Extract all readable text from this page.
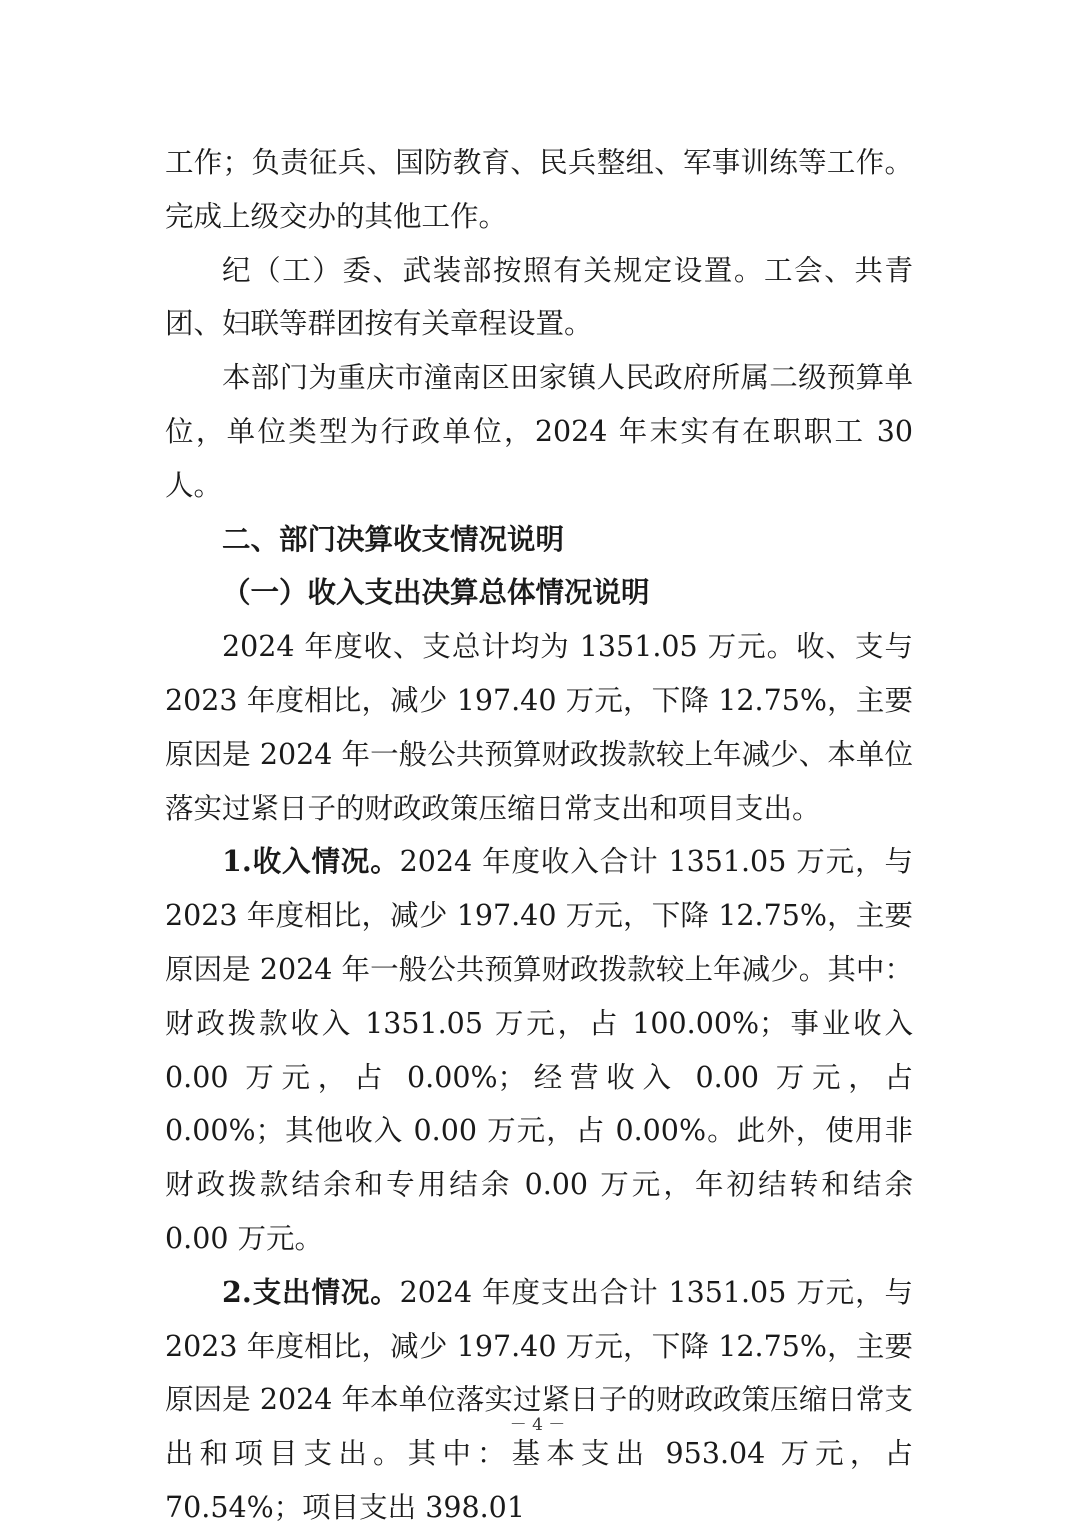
工作；负责征兵、国防教育、民兵整组、军事训练等工作。完成上级交办的其他工作。

纪（工）委、武装部按照有关规定设置。工会、共青团、妇联等群团按有关章程设置。

本部门为重庆市潼南区田家镇人民政府所属二级预算单位，单位类型为行政单位，2024 年末实有在职职工 30 人。

二、部门决算收支情况说明

（一）收入支出决算总体情况说明

2024 年度收、支总计均为 1351.05 万元。收、支与 2023 年度相比，减少 197.40 万元，下降 12.75%，主要原因是 2024 年一般公共预算财政拨款较上年减少、本单位落实过紧日子的财政政策压缩日常支出和项目支出。

1.收入情况。2024 年度收入合计 1351.05 万元，与 2023 年度相比，减少 197.40 万元，下降 12.75%，主要原因是 2024 年一般公共预算财政拨款较上年减少。其中：财政拨款收入 1351.05 万元，占 100.00%；事业收入 0.00 万元，占 0.00%；经营收入 0.00 万元，占 0.00%；其他收入 0.00 万元，占 0.00%。此外，使用非财政拨款结余和专用结余 0.00 万元，年初结转和结余 0.00 万元。

2.支出情况。2024 年度支出合计 1351.05 万元，与 2023 年度相比，减少 197.40 万元，下降 12.75%，主要原因是 2024 年本单位落实过紧日子的财政政策压缩日常支出和项目支出。其中：基本支出 953.04 万元，占 70.54%；项目支出 398.01

－ 4 －
